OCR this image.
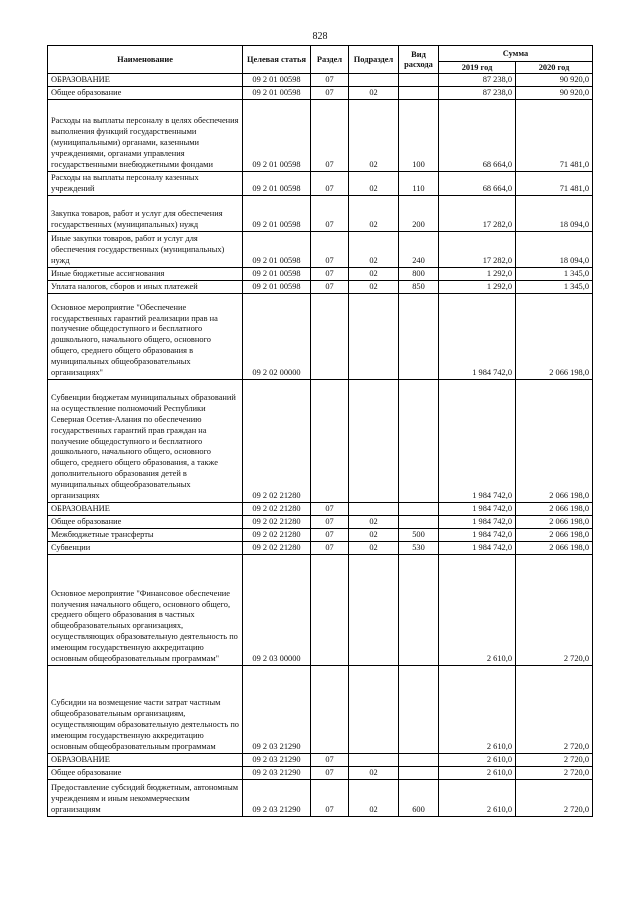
828
Наименование	Целевая статья	Раздел	Подраздел	Вид расхода	Сумма	
					2019 год	2020 год
ОБРАЗОВАНИЕ	09 2 01 00598	07			87 238,0	90 920,0
Общее образование	09 2 01 00598	07	02		87 238,0	90 920,0
Расходы на выплаты персоналу в целях обеспечения выполнения функций государственными (муниципальными) органами, казенными учреждениями, органами управления государственными внебюджетными фондами	09 2 01 00598	07	02	100	68 664,0	71 481,0
Расходы на выплаты персоналу казенных учреждений	09 2 01 00598	07	02	110	68 664,0	71 481,0
Закупка товаров, работ и услуг для обеспечения государственных (муниципальных) нужд	09 2 01 00598	07	02	200	17 282,0	18 094,0
Иные закупки товаров, работ и услуг для обеспечения государственных (муниципальных) нужд	09 2 01 00598	07	02	240	17 282,0	18 094,0
Иные бюджетные ассигнования	09 2 01 00598	07	02	800	1 292,0	1 345,0
Уплата налогов, сборов и иных платежей	09 2 01 00598	07	02	850	1 292,0	1 345,0
Основное мероприятие "Обеспечение государственных гарантий реализации прав на получение общедоступного и бесплатного дошкольного, начального общего, основного общего, среднего общего образования в муниципальных общеобразовательных организациях"	09 2 02 00000				1 984 742,0	2 066 198,0
Субвенции бюджетам муниципальных образований на осуществление полномочий Республики Северная Осетия-Алания по обеспечению государственных гарантий прав граждан на получение общедоступного и бесплатного дошкольного, начального общего, основного общего, среднего общего образования, а также дополнительного образования детей в муниципальных общеобразовательных организациях	09 2 02 21280				1 984 742,0	2 066 198,0
ОБРАЗОВАНИЕ	09 2 02 21280	07			1 984 742,0	2 066 198,0
Общее образование	09 2 02 21280	07	02		1 984 742,0	2 066 198,0
Межбюджетные трансферты	09 2 02 21280	07	02	500	1 984 742,0	2 066 198,0
Субвенции	09 2 02 21280	07	02	530	1 984 742,0	2 066 198,0
Основное мероприятие "Финансовое обеспечение получения начального общего, основного общего, среднего общего образования в частных общеобразовательных организациях, осуществляющих образовательную деятельность по имеющим государственную аккредитацию основным общеобразовательным программам"	09 2 03 00000				2 610,0	2 720,0
Субсидии на возмещение части затрат частным общеобразовательным организациям, осуществляющим образовательную деятельность по имеющим государственную аккредитацию основным общеобразовательным программам	09 2 03 21290				2 610,0	2 720,0
ОБРАЗОВАНИЕ	09 2 03 21290	07			2 610,0	2 720,0
Общее образование	09 2 03 21290	07	02		2 610,0	2 720,0
Предоставление субсидий бюджетным, автономным учреждениям и иным некоммерческим организациям	09 2 03 21290	07	02	600	2 610,0	2 720,0
